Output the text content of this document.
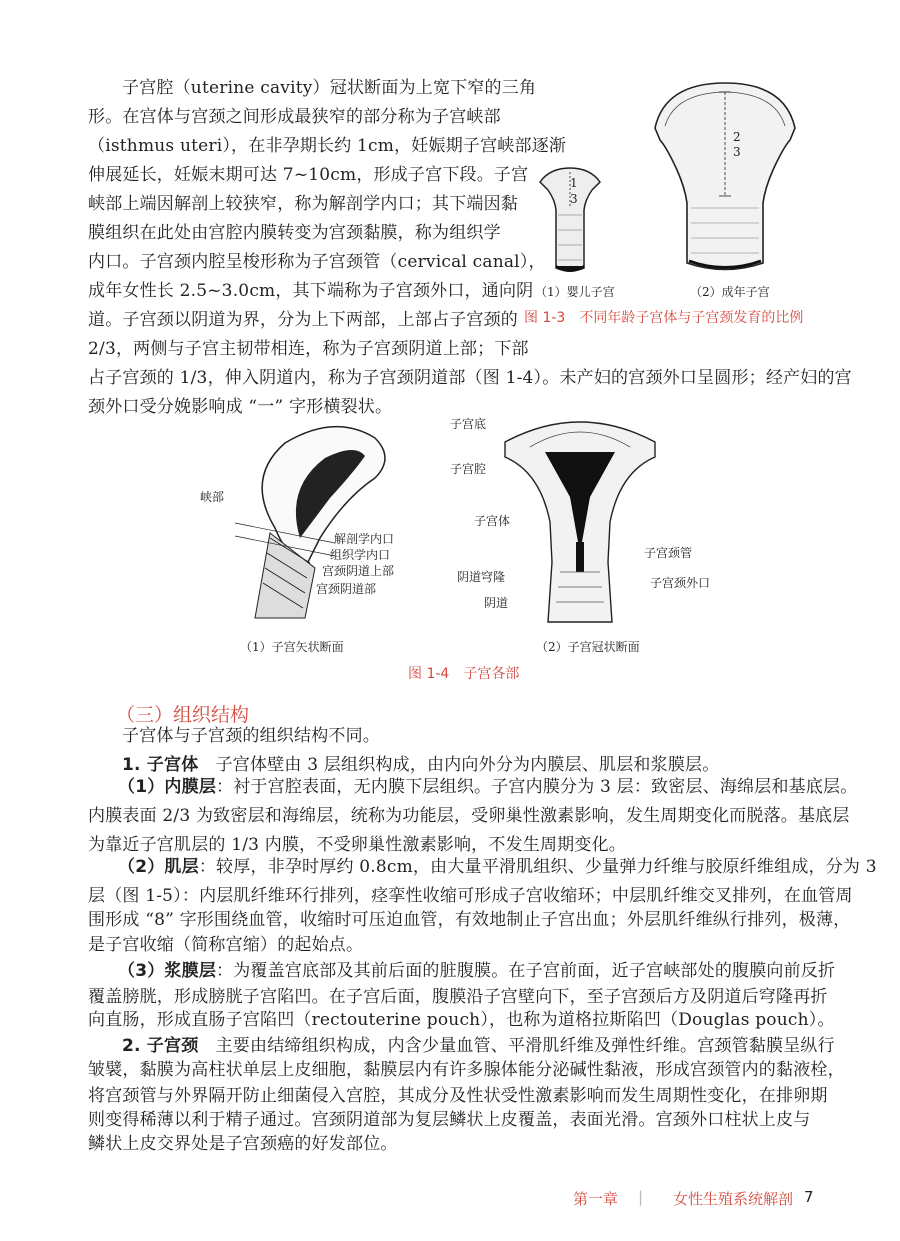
子宫腔（uterine cavity）冠状断面为上宽下窄的三角

形。在宫体与宫颈之间形成最狭窄的部分称为子宫峡部

（isthmus uteri），在非孕期长约 1cm，妊娠期子宫峡部逐渐

伸展延长，妊娠末期可达 7~10cm，形成子宫下段。子宫

峡部上端因解剖上较狭窄，称为解剖学内口；其下端因黏

膜组织在此处由宫腔内膜转变为宫颈黏膜，称为组织学

内口。子宫颈内腔呈梭形称为子宫颈管（cervical canal），

成年女性长 2.5~3.0cm，其下端称为子宫颈外口，通向阴

道。子宫颈以阴道为界，分为上下两部，上部占子宫颈的

2/3，两侧与子宫主韧带相连，称为子宫颈阴道上部；下部

占子宫颈的 1/3，伸入阴道内，称为子宫颈阴道部（图 1-4）。未产妇的宫颈外口呈圆形；经产妇的宫

颈外口受分娩影响成 “一” 字形横裂状。

1
3
2
3
（1）婴儿子宫	（2）成年子宫
图 1-3　不同年龄子宫体与子宫颈发育的比例
峡部
解剖学内口
组织学内口
宫颈阴道上部
宫颈阴道部
（1）子宫矢状断面
子宫底
子宫腔
子宫体
子宫颈管
阴道穹隆	子宫颈外口
阴道
（2）子宫冠状断面
图 1-4　子宫各部
（三）组织结构

子宫体与子宫颈的组织结构不同。

1. 子宫体　子宫体壁由 3 层组织构成，由内向外分为内膜层、肌层和浆膜层。

（1）内膜层：衬于宫腔表面，无内膜下层组织。子宫内膜分为 3 层：致密层、海绵层和基底层。

内膜表面 2/3 为致密层和海绵层，统称为功能层，受卵巢性激素影响，发生周期变化而脱落。基底层

为靠近子宫肌层的 1/3 内膜，不受卵巢性激素影响，不发生周期变化。

（2）肌层：较厚，非孕时厚约 0.8cm，由大量平滑肌组织、少量弹力纤维与胶原纤维组成，分为 3

层（图 1-5）：内层肌纤维环行排列，痉挛性收缩可形成子宫收缩环；中层肌纤维交叉排列，在血管周

围形成 “8” 字形围绕血管，收缩时可压迫血管，有效地制止子宫出血；外层肌纤维纵行排列，极薄，

是子宫收缩（简称宫缩）的起始点。

（3）浆膜层：为覆盖宫底部及其前后面的脏腹膜。在子宫前面，近子宫峡部处的腹膜向前反折

覆盖膀胱，形成膀胱子宫陷凹。在子宫后面，腹膜沿子宫壁向下，至子宫颈后方及阴道后穹隆再折

向直肠，形成直肠子宫陷凹（rectouterine pouch），也称为道格拉斯陷凹（Douglas pouch）。

2. 子宫颈　主要由结缔组织构成，内含少量血管、平滑肌纤维及弹性纤维。宫颈管黏膜呈纵行

皱襞，黏膜为高柱状单层上皮细胞，黏膜层内有许多腺体能分泌碱性黏液，形成宫颈管内的黏液栓，

将宫颈管与外界隔开防止细菌侵入宫腔，其成分及性状受性激素影响而发生周期性变化，在排卵期

则变得稀薄以利于精子通过。宫颈阴道部为复层鳞状上皮覆盖，表面光滑。宫颈外口柱状上皮与

鳞状上皮交界处是子宫颈癌的好发部位。

第一章 | 女性生殖系统解剖 7
